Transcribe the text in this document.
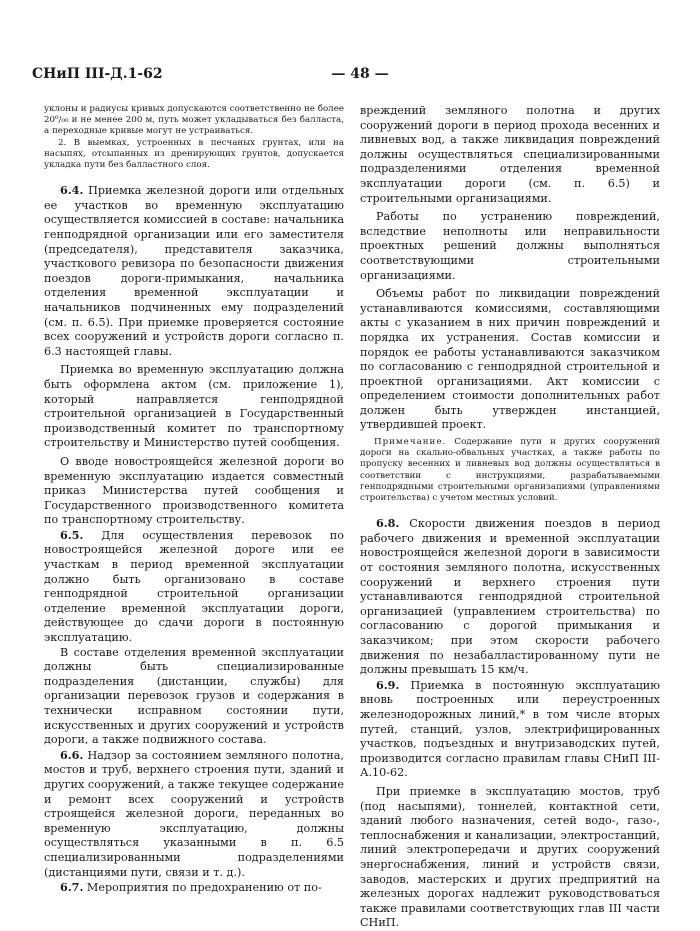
СНиП III-Д.1-62	— 48 —

уклоны и радиусы кривых допускаются соответственно не более 20⁰/₀₀ и не менее 200 м, путь может укладываться без балласта, а переходные кривые могут не устраиваться.

2. В выемках, устроенных в песчаных грунтах, или на насыпях, отсыпанных из дренирующих грунтов, допускается укладка пути без балластного слоя.

6.4. Приемка железной дороги или отдельных ее участков во временную эксплуатацию осуществляется комиссией в составе: начальника генподрядной организации или его заместителя (председателя), представителя заказчика, участкового ревизора по безопасности движения поездов дороги-примыкания, начальника отделения временной эксплуатации и начальников подчиненных ему подразделений (см. п. 6.5). При приемке проверяется состояние всех сооружений и устройств дороги согласно п. 6.3 настоящей главы.

Приемка во временную эксплуатацию должна быть оформлена актом (см. приложение 1), который направляется генподрядной строительной организацией в Государственный производственный комитет по транспортному строительству и Министерство путей сообщения.

О вводе новостроящейся железной дороги во временную эксплуатацию издается совместный приказ Министерства путей сообщения и Государственного производственного комитета по транспортному строительству.

6.5. Для осуществления перевозок по новостроящейся железной дороге или ее участкам в период временной эксплуатации должно быть организовано в составе генподрядной строительной организации отделение временной эксплуатации дороги, действующее до сдачи дороги в постоянную эксплуатацию.

В составе отделения временной эксплуатации должны быть специализированные подразделения (дистанции, службы) для организации перевозок грузов и содержания в технически исправном состоянии пути, искусственных и других сооружений и устройств дороги, а также подвижного состава.

6.6. Надзор за состоянием земляного полотна, мостов и труб, верхнего строения пути, зданий и других сооружений, а также текущее содержание и ремонт всех сооружений и устройств строящейся железной дороги, переданных во временную эксплуатацию, должны осуществляться указанными в п. 6.5 специализированными подразделениями (дистанциями пути, связи и т. д.).

6.7. Мероприятия по предохранению от по-

вреждений земляного полотна и других сооружений дороги в период прохода весенних и ливневых вод, а также ликвидация повреждений должны осуществляться специализированными подразделениями отделения временной эксплуатации дороги (см. п. 6.5) и строительными организациями.

Работы по устранению повреждений, вследствие неполноты или неправильности проектных решений должны выполняться соответствующими строительными организациями.

Объемы работ по ликвидации повреждений устанавливаются комиссиями, составляющими акты с указанием в них причин повреждений и порядка их устранения. Состав комиссии и порядок ее работы устанавливаются заказчиком по согласованию с генподрядной строительной и проектной организациями. Акт комиссии с определением стоимости дополнительных работ должен быть утвержден инстанцией, утвердившей проект.

Примечание. Содержание пути и других сооружений дороги на скально-обвальных участках, а также работы по пропуску весенних и ливневых вод должны осуществляться в соответствии с инструкциями, разрабатываемыми генподрядными строительными организациями (управлениями строительства) с учетом местных условий.

6.8. Скорости движения поездов в период рабочего движения и временной эксплуатации новостроящейся железной дороги в зависимости от состояния земляного полотна, искусственных сооружений и верхнего строения пути устанавливаются генподрядной строительной организацией (управлением строительства) по согласованию с дорогой примыкания и заказчиком; при этом скорости рабочего движения по незабалластированному пути не должны превышать 15 км/ч.

6.9. Приемка в постоянную эксплуатацию вновь построенных или переустроенных железнодорожных линий,* в том числе вторых путей, станций, узлов, электрифицированных участков, подъездных и внутризаводских путей, производится согласно правилам главы СНиП III-А.10-62.

При приемке в эксплуатацию мостов, труб (под насыпями), тоннелей, контактной сети, зданий любого назначения, сетей водо-, газо-, теплоснабжения и канализации, электростанций, линий электропередачи и других сооружений энергоснабжения, линий и устройств связи, заводов, мастерских и других предприятий на железных дорогах надлежит руководствоваться также правилами соответствующих глав III части СНиП.
